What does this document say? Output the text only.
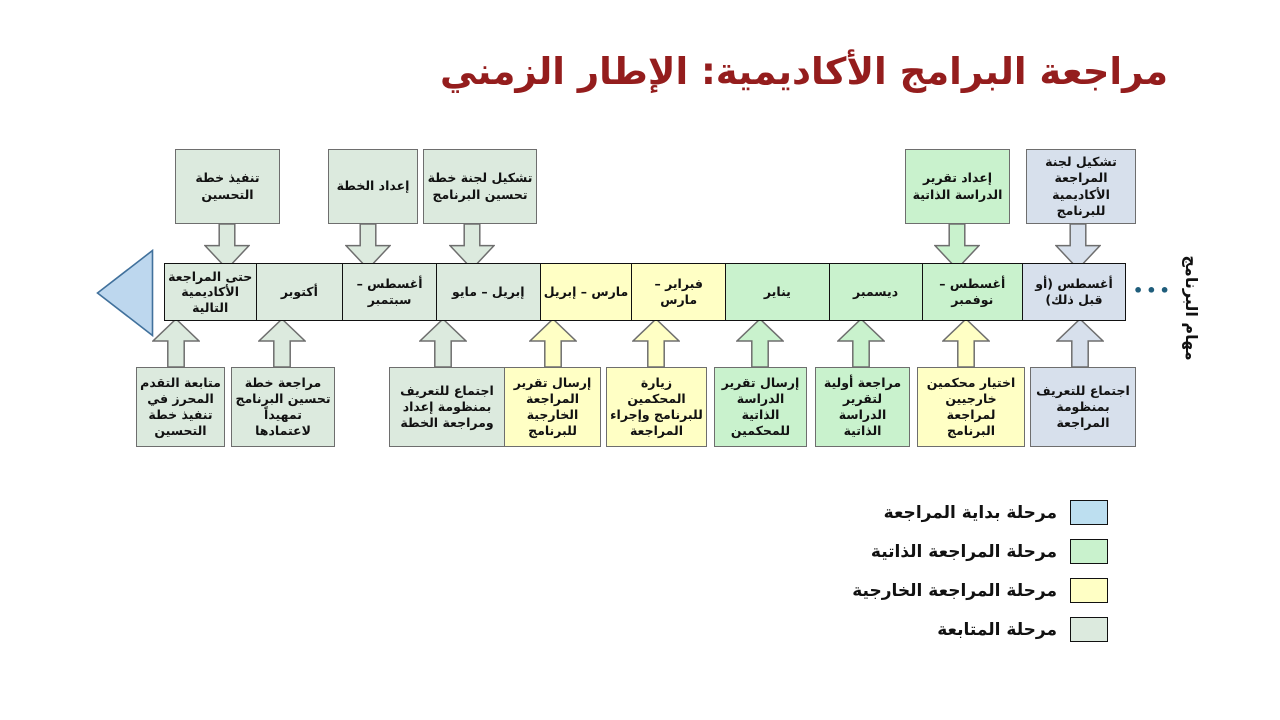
مراجعة البرامج الأكاديمية: الإطار الزمني
أغسطس (أو قبل ذلك)
أغسطس – نوفمبر
ديسمبر
يناير
فبراير – مارس
مارس – إبريل
إبريل – مايو
أغسطس – سبتمبر
أكتوبر
حتى المراجعة الأكاديمية التالية
تشكيل لجنة المراجعة الأكاديمية للبرنامج
إعداد تقرير الدراسة الذاتية
تشكيل لجنة خطة تحسين البرنامج
إعداد الخطة
تنفيذ خطة التحسين
اجتماع للتعريف بمنظومة المراجعة
اختيار محكمين خارجيين لمراجعة البرنامج
مراجعة أولية لتقرير الدراسة الذاتية
إرسال تقرير الدراسة الذاتية للمحكمين
زيارة المحكمين للبرنامج وإجراء المراجعة
إرسال تقرير المراجعة الخارجية للبرنامج
اجتماع للتعريف بمنظومة إعداد ومراجعة الخطة
مراجعة خطة تحسين البرنامج تمهيداً لاعتمادها
متابعة التقدم المحرز في تنفيذ خطة التحسين
••• مهام البرنامج
مرحلة بداية المراجعة
مرحلة المراجعة الذاتية
مرحلة المراجعة الخارجية
مرحلة المتابعة
